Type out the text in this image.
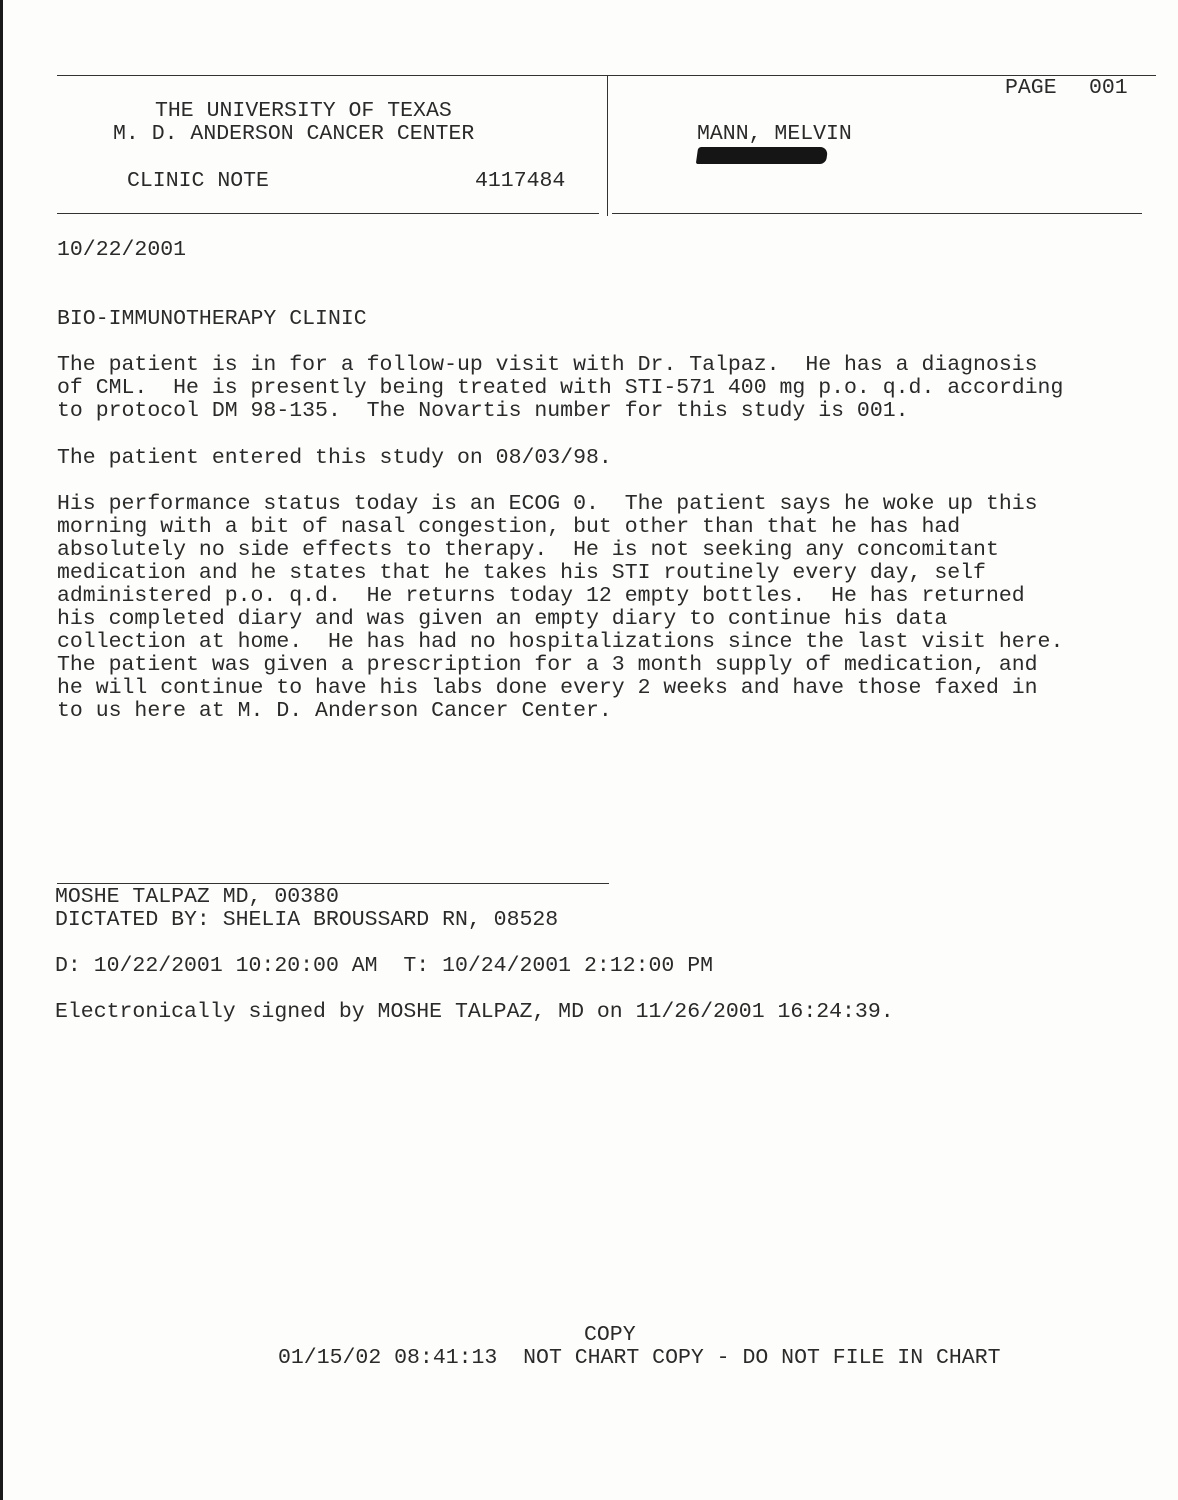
PAGE 001
THE UNIVERSITY OF TEXAS
M. D. ANDERSON CANCER CENTER
CLINIC NOTE	4117484
MANN, MELVIN
10/22/2001
BIO-IMMUNOTHERAPY CLINIC
The patient is in for a follow-up visit with Dr. Talpaz.  He has a diagnosis
of CML.  He is presently being treated with STI-571 400 mg p.o. q.d. according
to protocol DM 98-135.  The Novartis number for this study is 001.
The patient entered this study on 08/03/98.
His performance status today is an ECOG 0.  The patient says he woke up this
morning with a bit of nasal congestion, but other than that he has had
absolutely no side effects to therapy.  He is not seeking any concomitant
medication and he states that he takes his STI routinely every day, self
administered p.o. q.d.  He returns today 12 empty bottles.  He has returned
his completed diary and was given an empty diary to continue his data
collection at home.  He has had no hospitalizations since the last visit here.
The patient was given a prescription for a 3 month supply of medication, and
he will continue to have his labs done every 2 weeks and have those faxed in
to us here at M. D. Anderson Cancer Center.
MOSHE TALPAZ MD, 00380
DICTATED BY: SHELIA BROUSSARD RN, 08528
D: 10/22/2001 10:20:00 AM  T: 10/24/2001 2:12:00 PM
Electronically signed by MOSHE TALPAZ, MD on 11/26/2001 16:24:39.
COPY
01/15/02 08:41:13  NOT CHART COPY - DO NOT FILE IN CHART
